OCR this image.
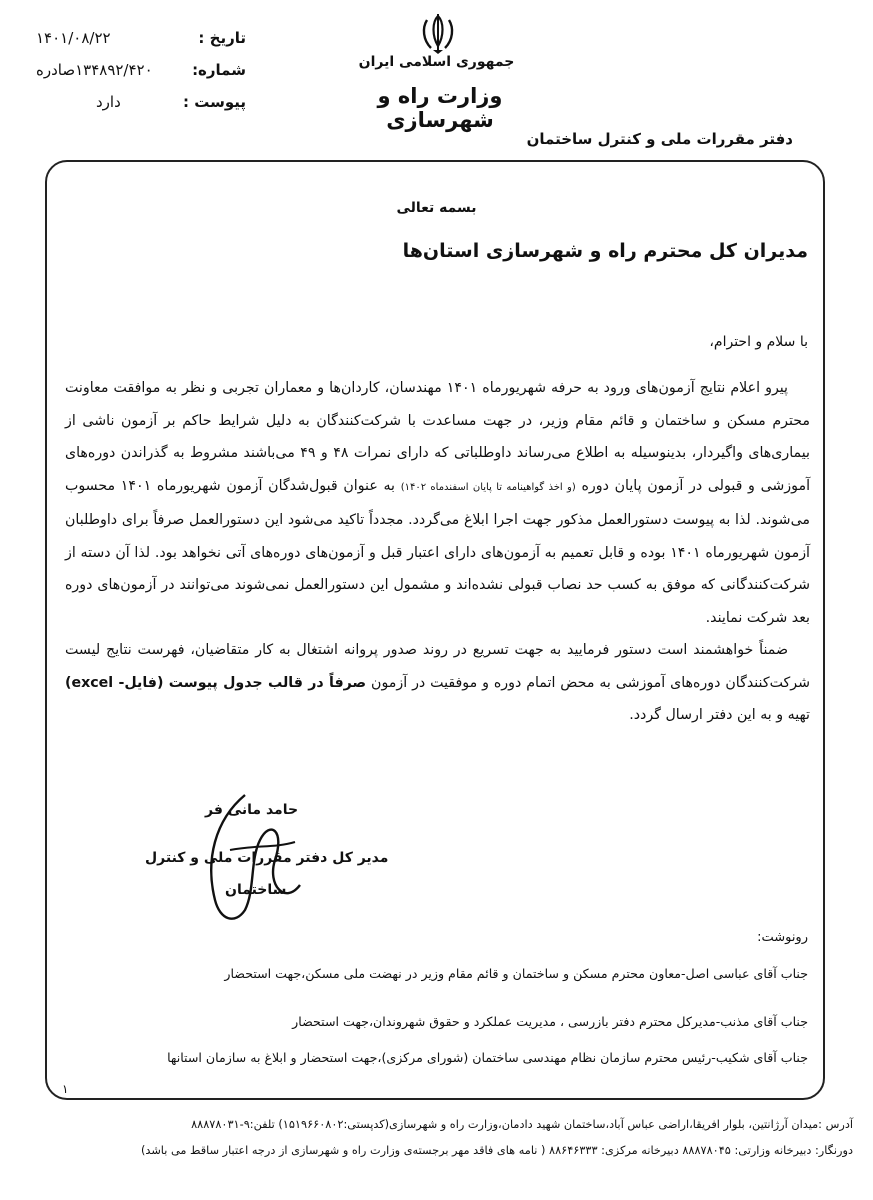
تاریخ :
۱۴۰۱/۰۸/۲۲
شماره:
۱۳۴۸۹۲/۴۲۰صادره
پیوست :
دارد
جمهوری اسلامی ایران
وزارت راه و شهرسازی
دفتر مقررات ملی و کنترل ساختمان
بسمه تعالی
مدیران کل محترم راه و شهرسازی استان‌ها
با سلام و احترام،

پیرو اعلام نتایج آزمون‌های ورود به حرفه شهریورماه ۱۴۰۱ مهندسان، کاردان‌ها و معماران تجربی و نظر به موافقت معاونت محترم مسکن و ساختمان و قائم مقام وزیر، در جهت مساعدت با شرکت‌کنندگان به دلیل شرایط حاکم بر آزمون ناشی از بیماری‌های واگیردار، بدینوسیله به اطلاع می‌رساند داوطلباتی که دارای نمرات ۴۸ و ۴۹ می‌باشند مشروط به گذراندن دوره‌های آموزشی و قبولی در آزمون پایان دوره (و اخذ گواهینامه تا پایان اسفندماه ۱۴۰۲) به عنوان قبول‌شدگان آزمون شهریورماه ۱۴۰۱ محسوب می‌شوند. لذا به پیوست دستورالعمل مذکور جهت اجرا ابلاغ می‌گردد. مجدداً تاکید می‌شود این دستورالعمل صرفاً برای داوطلبان آزمون شهریورماه ۱۴۰۱ بوده و قابل تعمیم به آزمون‌های دارای اعتبار قبل و آزمون‌های دوره‌های آتی نخواهد بود. لذا آن دسته از شرکت‌کنندگانی که موفق به کسب حد نصاب قبولی نشده‌اند و مشمول این دستورالعمل نمی‌شوند می‌توانند در آزمون‌های دوره بعد شرکت نمایند.

ضمناً خواهشمند است دستور فرمایید به جهت تسریع در روند صدور پروانه اشتغال به کار متقاضیان، فهرست نتایج لیست شرکت‌کنندگان دوره‌های آموزشی به محض اتمام دوره و موفقیت در آزمون صرفاً در قالب جدول پیوست (فایل- excel) تهیه و به این دفتر ارسال گردد.

حامد مانی فر
مدیر کل دفتر مقررات ملی و کنترل
ساختمان
رونوشت:
جناب آقای عباسی اصل-معاون محترم مسکن و ساختمان و قائم مقام وزیر در نهضت ملی مسکن،جهت استحضار
جناب آقای مذنب-مدیرکل محترم دفتر بازرسی ، مدیریت عملکرد و حقوق شهروندان،جهت استحضار
جناب آقای شکیب-رئیس محترم سازمان نظام مهندسی ساختمان (شورای مرکزی)،جهت استحضار و ابلاغ به سازمان استانها
۱
آدرس :میدان آرژانتین، بلوار افریقا،اراضی عباس آباد،ساختمان شهید دادمان،وزارت راه و شهرسازی(کدپستی:۱۵۱۹۶۶۰۸۰۲) تلفن:۹-۸۸۸۷۸۰۳۱
دورنگار: دبیرخانه وزارتی: ۸۸۸۷۸۰۴۵ دبیرخانه مرکزی: ۸۸۶۴۶۳۳۳ ( نامه های فاقد مهر برجسته‌ی وزارت راه و شهرسازی از درجه اعتبار ساقط می باشد)
